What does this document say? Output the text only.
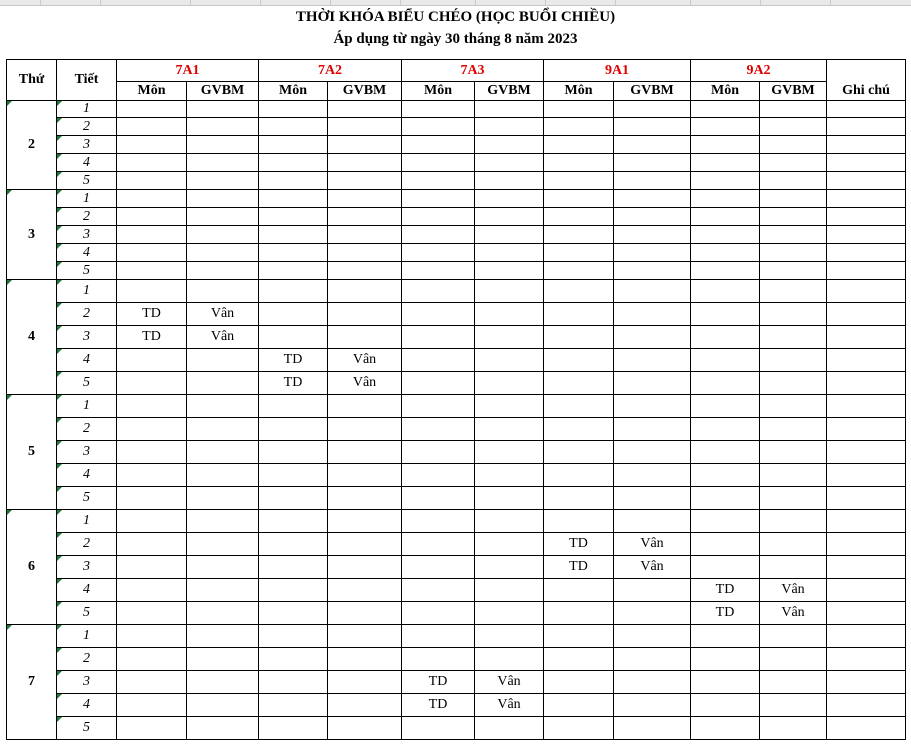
THỜI KHÓA BIỂU CHÉO (HỌC BUỔI CHIỀU)
Áp dụng từ ngày 30 tháng 8 năm 2023
Thứ	Tiết	7A1		7A2		7A3		9A1		9A2		
		Môn	GVBM	Môn	GVBM	Môn	GVBM	Môn	GVBM	Môn	GVBM	Ghi chú
2	1											
	2											
	3											
	4											
	5											
3	1											
	2											
	3											
	4											
	5											
4	1											
	2	TD	Vân									
	3	TD	Vân									
	4			TD	Vân							
	5			TD	Vân							
5	1											
	2											
	3											
	4											
	5											
6	1											
	2							TD	Vân			
	3							TD	Vân			
	4									TD	Vân	
	5									TD	Vân	
7	1											
	2											
	3					TD	Vân					
	4					TD	Vân					
	5											
